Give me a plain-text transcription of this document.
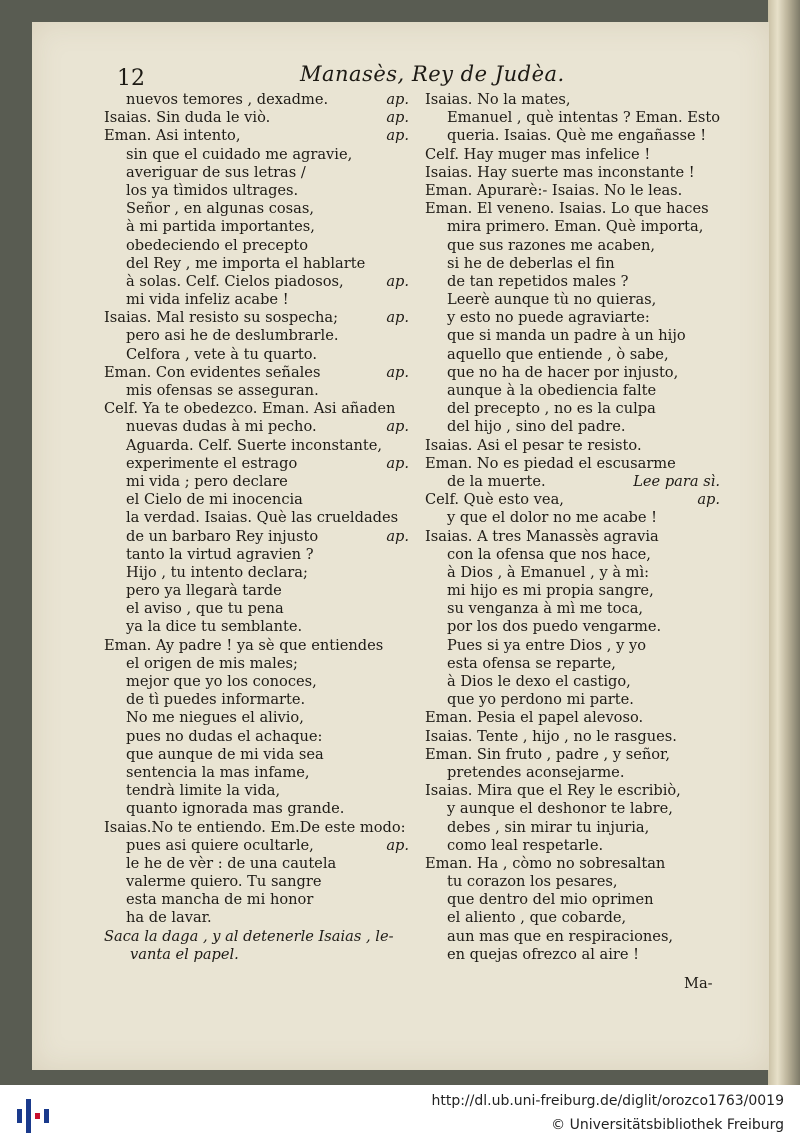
12	Manasès, Rey de Judèa.
nuevos temores , dexadme.	ap.
Isaias. Sin duda le viò.	ap.
Eman. Asi intento,	ap.
sin que el cuidado me agravie,
averiguar de sus letras /
los ya tìmidos ultrages.
Señor , en algunas cosas,
à mi partida importantes,
obedeciendo el precepto
del Rey , me importa el hablarte
à solas. Celf. Cielos piadosos,	ap.
mi vida infeliz acabe !
Isaias. Mal resisto su sospecha;	ap.
pero asi he de deslumbrarle.
Celfora , vete à tu quarto.
Eman. Con evidentes señales	ap.
mis ofensas se asseguran.
Celf. Ya te obedezco. Eman. Asi añaden
nuevas dudas à mi pecho.	ap.
Aguarda. Celf. Suerte inconstante,
experimente el estrago	ap.
mi vida ; pero declare
el Cielo de mi inocencia
la verdad. Isaias. Què las crueldades
de un barbaro Rey injusto	ap.
tanto la virtud agravien ?
Hijo , tu intento declara;
pero ya llegarà tarde
el aviso , que tu pena
ya la dice tu semblante.
Eman. Ay padre ! ya sè que entiendes
el origen de mis males;
mejor que yo los conoces,
de tì puedes informarte.
No me niegues el alivio,
pues no dudas el achaque:
que aunque de mi vida sea
sentencia la mas infame,
tendrà limite la vida,
quanto ignorada mas grande.
Isaias.No te entiendo. Em.De este modo:
pues asi quiere ocultarle,	ap.
le he de vèr : de una cautela
valerme quiero. Tu sangre
esta mancha de mi honor
ha de lavar.
Saca la daga , y al detenerle Isaias , le-
vanta el papel.
Isaias. No la mates,
Emanuel , què intentas ? Eman. Esto
queria. Isaias. Què me engañasse !
Celf. Hay muger mas infelice !
Isaias. Hay suerte mas inconstante !
Eman. Apurarè:- Isaias. No le leas.
Eman. El veneno. Isaias. Lo que haces
mira primero. Eman. Què importa,
que sus razones me acaben,
si he de deberlas el fin
de tan repetidos males ?
Leerè aunque tù no quieras,
y esto no puede agraviarte:
que si manda un padre à un hijo
aquello que entiende , ò sabe,
que no ha de hacer por injusto,
aunque à la obediencia falte
del precepto , no es la culpa
del hijo , sino del padre.
Isaias. Asi el pesar te resisto.
Eman. No es piedad el escusarme
de la muerte.	Lee para sì.
Celf. Què esto vea,	ap.
y que el dolor no me acabe !
Isaias. A tres Manassès agravia
con la ofensa que nos hace,
à Dios , à Emanuel , y à mì:
mi hijo es mi propia sangre,
su venganza à mì me toca,
por los dos puedo vengarme.
Pues si ya entre Dios , y yo
esta ofensa se reparte,
à Dios le dexo el castigo,
que yo perdono mi parte.
Eman. Pesia el papel alevoso.
Isaias. Tente , hijo , no le rasgues.
Eman. Sin fruto , padre , y señor,
pretendes aconsejarme.
Isaias. Mira que el Rey le escribiò,
y aunque el deshonor te labre,
debes , sin mirar tu injuria,
como leal respetarle.
Eman. Ha , còmo no sobresaltan
tu corazon los pesares,
que dentro del mio oprimen
el aliento , que cobarde,
aun mas que en respiraciones,
en quejas ofrezco al aire !
Ma-
http://dl.ub.uni-freiburg.de/diglit/orozco1763/0019
© Universitätsbibliothek Freiburg
